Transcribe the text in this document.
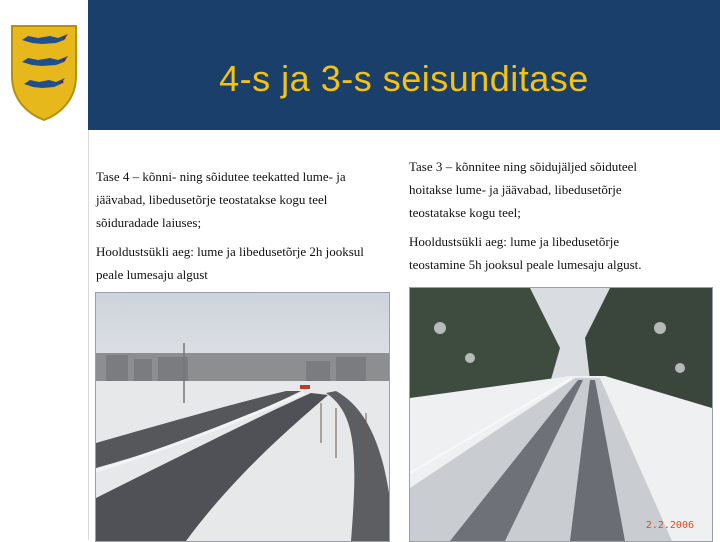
4-s ja 3-s seisunditase

Tase 4 – kõnni- ning sõidutee teekatted lume- ja jäävabad, libedusetõrje teostatakse kogu teel sõiduradade laiuses;

Hooldustsükli aeg: lume ja libedusetõrje 2h jooksul peale lumesaju algust

Tase 3 – kõnnitee ning sõidujäljed sõiduteel hoitakse lume- ja jäävabad, libedusetõrje teostatakse kogu teel;

Hooldustsükli aeg: lume ja libedusetõrje teostamine 5h jooksul peale lumesaju algust.

2.2.2006
